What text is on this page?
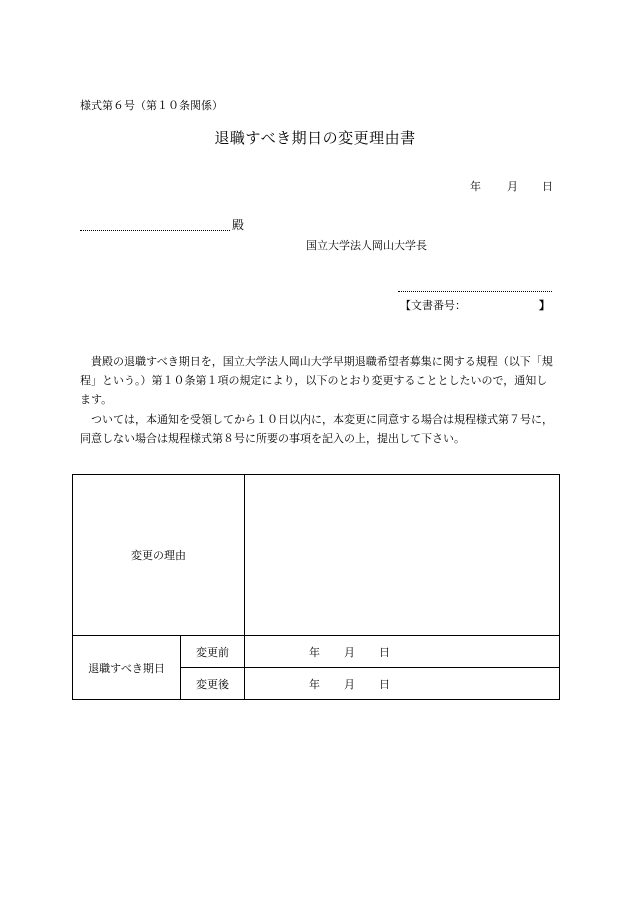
様式第６号（第１０条関係）
退職すべき期日の変更理由書
年 月 日
殿
国立大学法人岡山大学長
【文書番号：	】

貴殿の退職すべき期日を，国立大学法人岡山大学早期退職希望者募集に関する規程（以下「規程」という。）第１０条第１項の規定により，以下のとおり変更することとしたいので，通知します。

ついては，本通知を受領してから１０日以内に，本変更に同意する場合は規程様式第７号に，同意しない場合は規程様式第８号に所要の事項を記入の上，提出して下さい。

変更の理由		
退職すべき期日	変更前	年 月 日
	変更後	年 月 日
